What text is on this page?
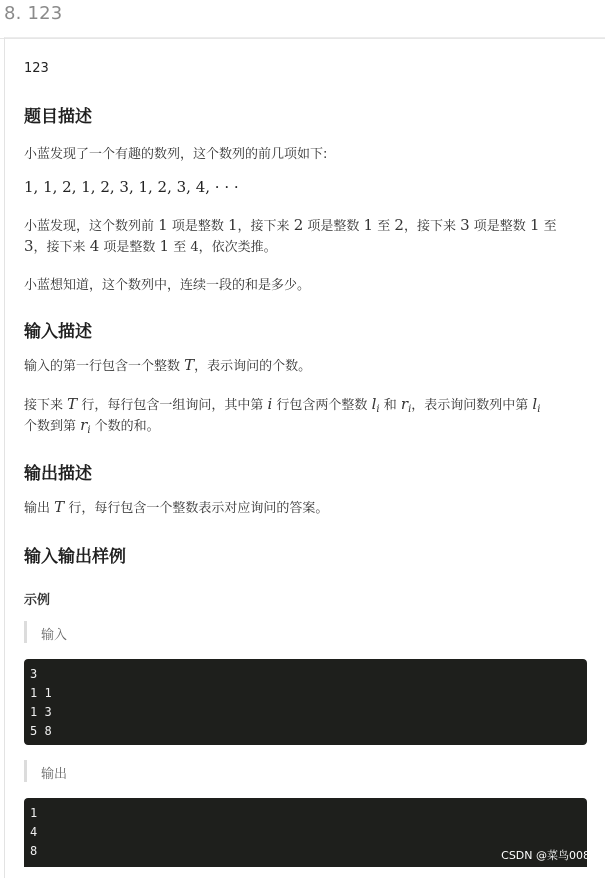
8. 123
123
题目描述
小蓝发现了一个有趣的数列，这个数列的前几项如下:
1, 1, 2, 1, 2, 3, 1, 2, 3, 4, · · ·
小蓝发现，这个数列前 1 项是整数 1，接下来 2 项是整数 1 至 2，接下来 3 项是整数 1 至
3，接下来 4 项是整数 1 至 4，依次类推。
小蓝想知道，这个数列中，连续一段的和是多少。
输入描述
输入的第一行包含一个整数 T，表示询问的个数。
接下来 T 行，每行包含一组询问，其中第 i 行包含两个整数 $l_i$ 和 $r_i$，表示询问数列中第 $l_i$
个数到第 $r_i$ 个数的和。
输出描述
输出 T 行，每行包含一个整数表示对应询问的答案。
输入输出样例
示例
输入
3
1 1
1 3
5 8
输出
1
4
8	CSDN @菜鸟0088
